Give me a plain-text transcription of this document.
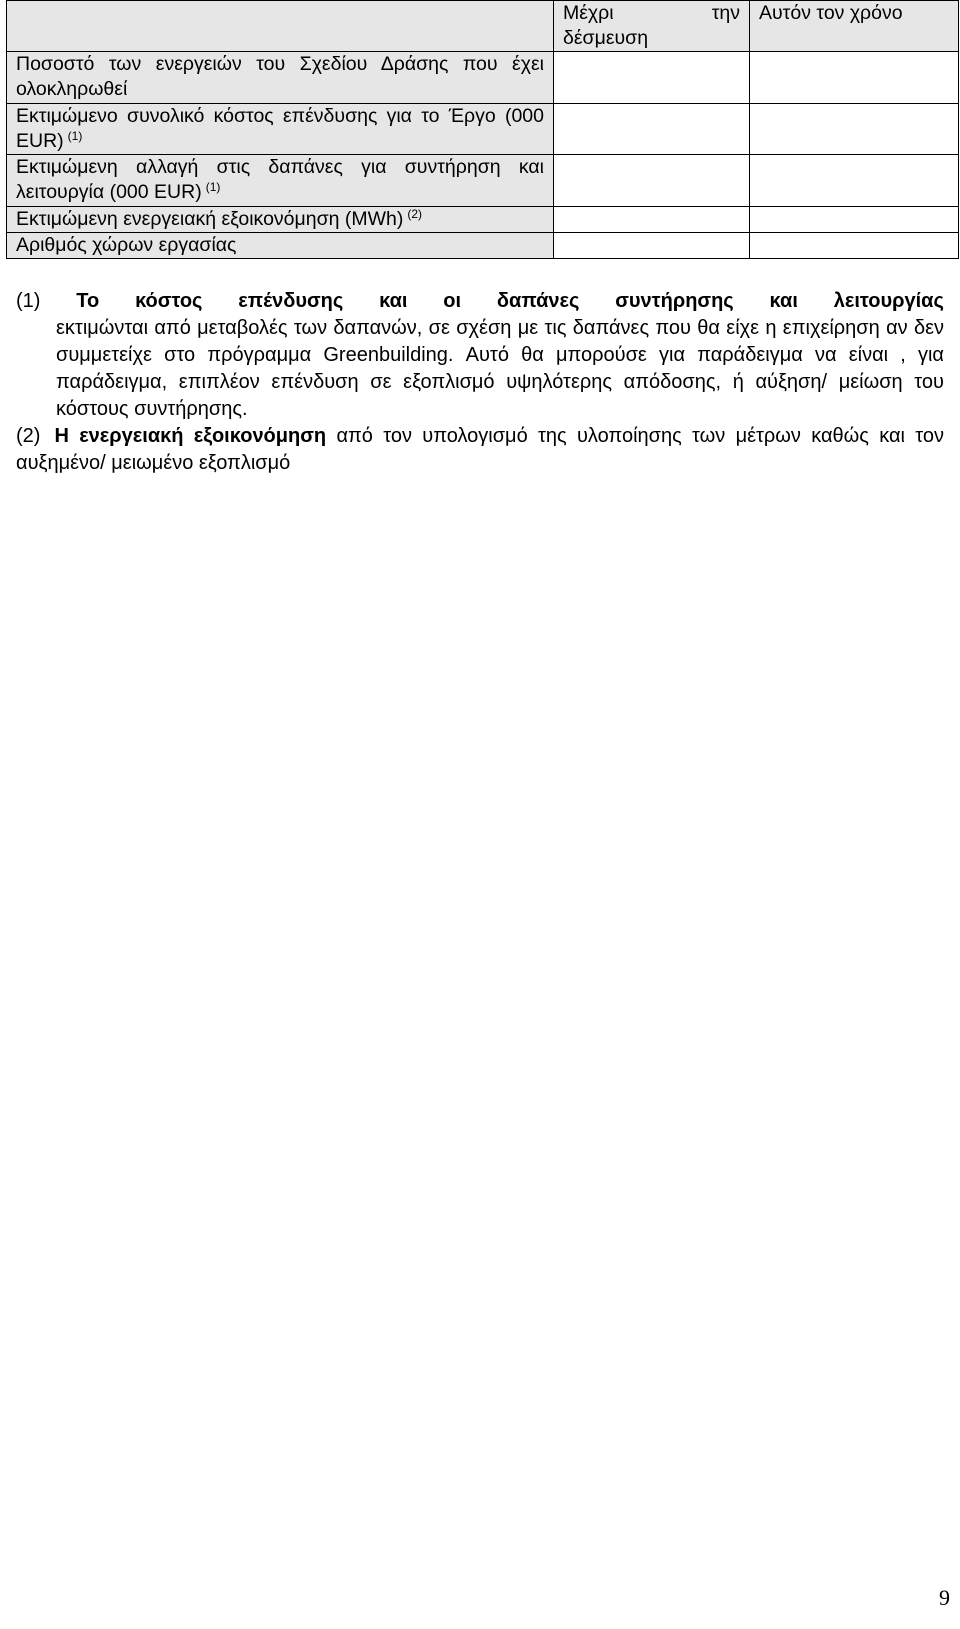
	Μέχρι την
δέσμευση	Αυτόν τον χρόνο
Ποσοστό των ενεργειών του Σχεδίου Δράσης που έχει ολοκληρωθεί		
Εκτιμώμενο συνολικό κόστος επένδυσης για το Έργο (000 EUR) $^{(1)}$		
Εκτιμώμενη αλλαγή στις δαπάνες για συντήρηση και λειτουργία (000 EUR) $^{(1)}$		
Εκτιμώμενη ενεργειακή εξοικονόμηση (MWh) $^{(2)}$		
Αριθμός χώρων εργασίας		
(1) Το κόστος επένδυσης και οι δαπάνες συντήρησης και λειτουργίας
εκτιμώνται από μεταβολές των δαπανών, σε σχέση με τις δαπάνες που θα είχε η επιχείρηση αν δεν συμμετείχε στο πρόγραμμα Greenbuilding. Αυτό θα μπορούσε για παράδειγμα να είναι , για παράδειγμα, επιπλέον επένδυση σε εξοπλισμό υψηλότερης απόδοσης, ή αύξηση/ μείωση του κόστους συντήρησης.
(2) Η ενεργειακή εξοικονόμηση από τον υπολογισμό της υλοποίησης των μέτρων καθώς και τον αυξημένο/ μειωμένο εξοπλισμό
9
